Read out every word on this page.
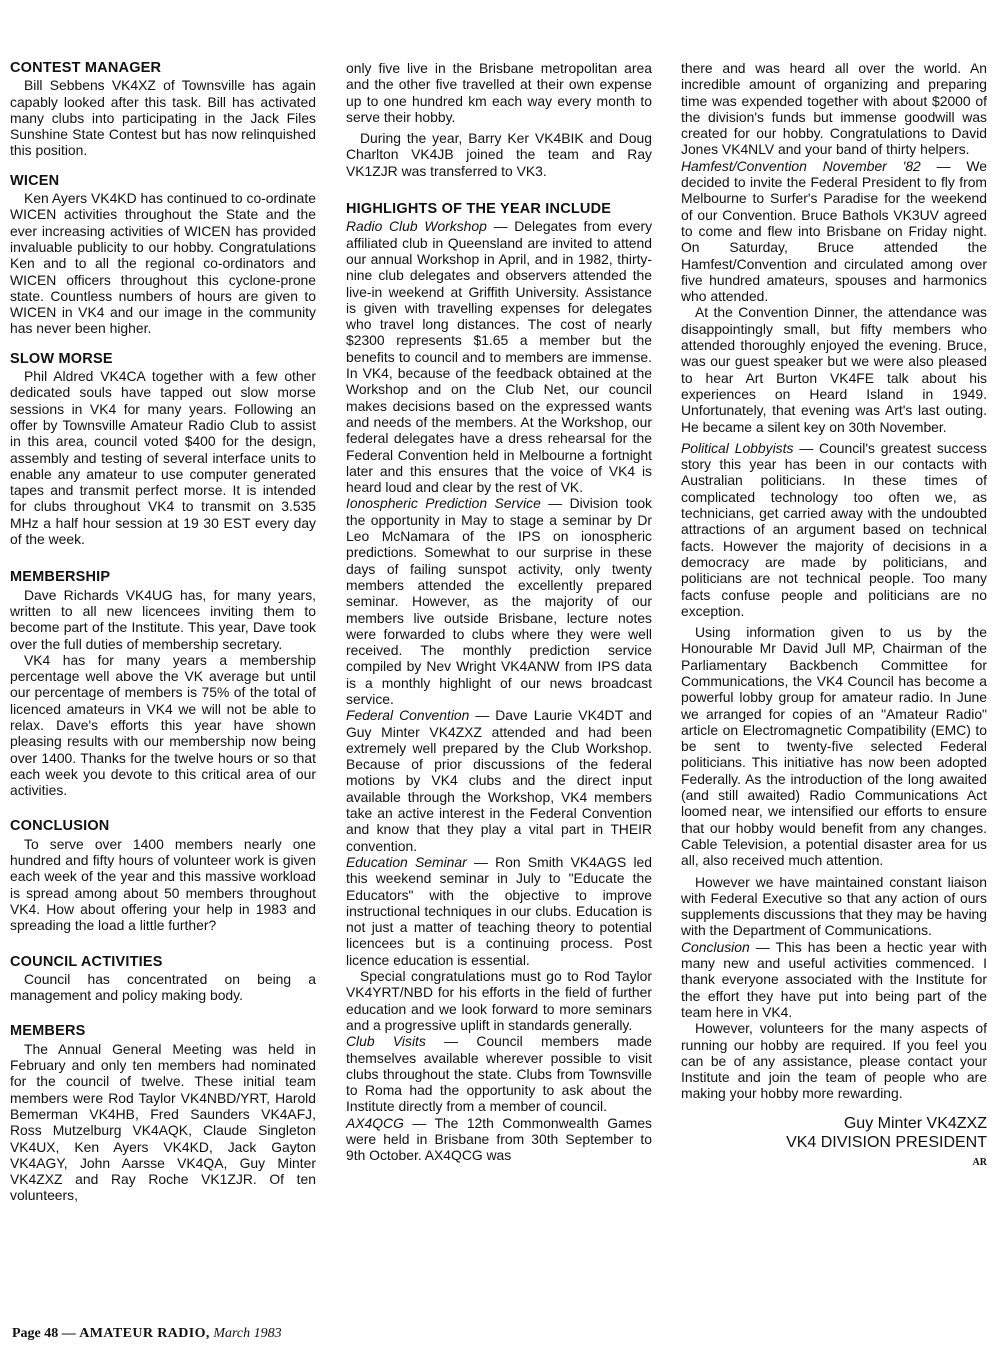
CONTEST MANAGER

Bill Sebbens VK4XZ of Townsville has again capably looked after this task. Bill has activated many clubs into participating in the Jack Files Sunshine State Contest but has now relinquished this position.

WICEN

Ken Ayers VK4KD has continued to co-ordinate WICEN activities throughout the State and the ever increasing activities of WICEN has provided invaluable publicity to our hobby. Congratulations Ken and to all the regional co-ordinators and WICEN officers throughout this cyclone-prone state. Countless numbers of hours are given to WICEN in VK4 and our image in the community has never been higher.

SLOW MORSE

Phil Aldred VK4CA together with a few other dedicated souls have tapped out slow morse sessions in VK4 for many years. Following an offer by Townsville Amateur Radio Club to assist in this area, council voted $400 for the design, assembly and testing of several interface units to enable any amateur to use computer generated tapes and transmit perfect morse. It is intended for clubs throughout VK4 to transmit on 3.535 MHz a half hour session at 19 30 EST every day of the week.

MEMBERSHIP

Dave Richards VK4UG has, for many years, written to all new licencees inviting them to become part of the Institute. This year, Dave took over the full duties of membership secretary.

VK4 has for many years a membership percentage well above the VK average but until our percentage of members is 75% of the total of licenced amateurs in VK4 we will not be able to relax. Dave's efforts this year have shown pleasing results with our membership now being over 1400. Thanks for the twelve hours or so that each week you devote to this critical area of our activities.

CONCLUSION

To serve over 1400 members nearly one hundred and fifty hours of volunteer work is given each week of the year and this massive workload is spread among about 50 members throughout VK4. How about offering your help in 1983 and spreading the load a little further?

COUNCIL ACTIVITIES

Council has concentrated on being a management and policy making body.

MEMBERS

The Annual General Meeting was held in February and only ten members had nominated for the council of twelve. These initial team members were Rod Taylor VK4NBD/YRT, Harold Bemerman VK4HB, Fred Saunders VK4AFJ, Ross Mutzelburg VK4AQK, Claude Singleton VK4UX, Ken Ayers VK4KD, Jack Gayton VK4AGY, John Aarsse VK4QA, Guy Minter VK4ZXZ and Ray Roche VK1ZJR. Of ten volunteers,

only five live in the Brisbane metropolitan area and the other five travelled at their own expense up to one hundred km each way every month to serve their hobby.

During the year, Barry Ker VK4BIK and Doug Charlton VK4JB joined the team and Ray VK1ZJR was transferred to VK3.

HIGHLIGHTS OF THE YEAR INCLUDE

Radio Club Workshop — Delegates from every affiliated club in Queensland are invited to attend our annual Workshop in April, and in 1982, thirty-nine club delegates and observers attended the live-in weekend at Griffith University. Assistance is given with travelling expenses for delegates who travel long distances. The cost of nearly $2300 represents $1.65 a member but the benefits to council and to members are immense. In VK4, because of the feedback obtained at the Workshop and on the Club Net, our council makes decisions based on the expressed wants and needs of the members. At the Workshop, our federal delegates have a dress rehearsal for the Federal Convention held in Melbourne a fortnight later and this ensures that the voice of VK4 is heard loud and clear by the rest of VK.

Ionospheric Prediction Service — Division took the opportunity in May to stage a seminar by Dr Leo McNamara of the IPS on ionospheric predictions. Somewhat to our surprise in these days of failing sunspot activity, only twenty members attended the excellently prepared seminar. However, as the majority of our members live outside Brisbane, lecture notes were forwarded to clubs where they were well received. The monthly prediction service compiled by Nev Wright VK4ANW from IPS data is a monthly highlight of our news broadcast service.

Federal Convention — Dave Laurie VK4DT and Guy Minter VK4ZXZ attended and had been extremely well prepared by the Club Workshop. Because of prior discussions of the federal motions by VK4 clubs and the direct input available through the Workshop, VK4 members take an active interest in the Federal Convention and know that they play a vital part in THEIR convention.

Education Seminar — Ron Smith VK4AGS led this weekend seminar in July to "Educate the Educators" with the objective to improve instructional techniques in our clubs. Education is not just a matter of teaching theory to potential licencees but is a continuing process. Post licence education is essential.

Special congratulations must go to Rod Taylor VK4YRT/NBD for his efforts in the field of further education and we look forward to more seminars and a progressive uplift in standards generally.

Club Visits — Council members made themselves available wherever possible to visit clubs throughout the state. Clubs from Townsville to Roma had the opportunity to ask about the Institute directly from a member of council.

AX4QCG — The 12th Commonwealth Games were held in Brisbane from 30th September to 9th October. AX4QCG was

there and was heard all over the world. An incredible amount of organizing and preparing time was expended together with about $2000 of the division's funds but immense goodwill was created for our hobby. Congratulations to David Jones VK4NLV and your band of thirty helpers.

Hamfest/Convention November '82 — We decided to invite the Federal President to fly from Melbourne to Surfer's Paradise for the weekend of our Convention. Bruce Bathols VK3UV agreed to come and flew into Brisbane on Friday night. On Saturday, Bruce attended the Hamfest/Convention and circulated among over five hundred amateurs, spouses and harmonics who attended.

At the Convention Dinner, the attendance was disappointingly small, but fifty members who attended thoroughly enjoyed the evening. Bruce, was our guest speaker but we were also pleased to hear Art Burton VK4FE talk about his experiences on Heard Island in 1949. Unfortunately, that evening was Art's last outing. He became a silent key on 30th November.

Political Lobbyists — Council's greatest success story this year has been in our contacts with Australian politicians. In these times of complicated technology too often we, as technicians, get carried away with the undoubted attractions of an argument based on technical facts. However the majority of decisions in a democracy are made by politicians, and politicians are not technical people. Too many facts confuse people and politicians are no exception.

Using information given to us by the Honourable Mr David Jull MP, Chairman of the Parliamentary Backbench Committee for Communications, the VK4 Council has become a powerful lobby group for amateur radio. In June we arranged for copies of an "Amateur Radio" article on Electromagnetic Compatibility (EMC) to be sent to twenty-five selected Federal politicians. This initiative has now been adopted Federally. As the introduction of the long awaited (and still awaited) Radio Communications Act loomed near, we intensified our efforts to ensure that our hobby would benefit from any changes. Cable Television, a potential disaster area for us all, also received much attention.

However we have maintained constant liaison with Federal Executive so that any action of ours supplements discussions that they may be having with the Department of Communications.

Conclusion — This has been a hectic year with many new and useful activities commenced. I thank everyone associated with the Institute for the effort they have put into being part of the team here in VK4.

However, volunteers for the many aspects of running our hobby are required. If you feel you can be of any assistance, please contact your Institute and join the team of people who are making your hobby more rewarding.

Guy Minter VK4ZXZ
VK4 DIVISION PRESIDENT
AR
Page 48 — AMATEUR RADIO, March 1983
